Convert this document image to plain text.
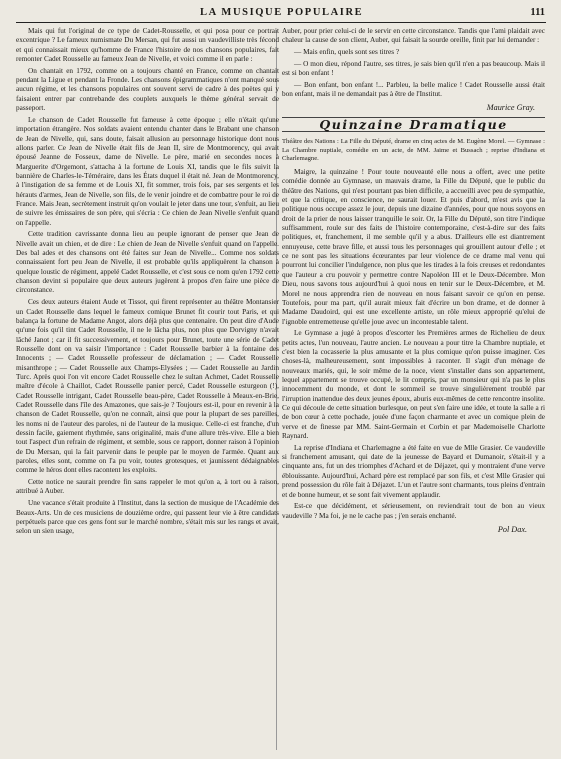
LA MUSIQUE POPULAIRE	111

Mais qui fut l'original de ce type de Cadet-Rousselle, et qui posa pour ce portrait excentrique ? Le fameux numismate Du Mersan, qui fut aussi un vaudevilliste très fécond et qui connaissait mieux qu'homme de France l'histoire de nos chansons populaires, fait remonter Cadet Rousselle au fameux Jean de Nivelle, et voici comme il en parle :

On chantait en 1792, comme on a toujours chanté en France, comme on chantait pendant la Ligue et pendant la Fronde. Les chansons épigrammatiques n'ont manqué sous aucun régime, et les chansons populaires ont souvent servi de cadre à des poètes qui y faisaient entrer par contrebande des couplets auxquels le thème général servait de passeport.

Le chanson de Cadet Rousselle fut fameuse à cette époque ; elle n'était qu'une importation étrangère. Nos soldats avaient entendu chanter dans le Brabant une chanson de Jean de Nivelle, qui, sans doute, faisait allusion au personnage historique dont nous allons parler. Ce Jean de Nivelle était fils de Jean II, sire de Montmorency, qui avait épousé Jeanne de Fosseux, dame de Nivelle. Le père, marié en secondes noces à Marguerite d'Orgemont, s'attacha à la fortune de Louis XI, tandis que le fils suivit la bannière de Charles-le-Téméraire, dans les États duquel il était né. Jean de Montmorency, à l'instigation de sa femme et de Louis XI, fit sommer, trois fois, par ses sergents et les hérauts d'armes, Jean de Nivelle, son fils, de le venir joindre et de combattre pour le roi de France. Mais Jean, secrètement instruit qu'on voulait le jeter dans une tour, s'enfuit, au lieu de suivre les émissaires de son père, qui s'écria : Ce chien de Jean Nivelle s'enfuit quand on l'appelle.

Cette tradition cavrissante donna lieu au peuple ignorant de penser que Jean de Nivelle avait un chien, et de dire : Le chien de Jean de Nivelle s'enfuit quand on l'appelle. Des bal ades et des chansons ont été faites sur Jean de Nivelle... Comme nos soldats connaissaient fort peu Jean de Nivelle, il est probable qu'ils appliquèrent la chanson à quelque loustic de régiment, appelé Cadet Rousselle, et c'est sous ce nom qu'en 1792 cette chanson devint si populaire que deux auteurs jugèrent à propos d'en faire une pièce de circonstance.

Ces deux auteurs étaient Aude et Tissot, qui firent représenter au théâtre Montansier un Cadet Rousselle dans lequel le fameux comique Brunet fit courir tout Paris, et qui balança la fortune de Madame Angot, alors déjà plus que centenaire. On peut dire d'Aude qu'une fois qu'il tint Cadet Rousselle, il ne le lâcha plus, non plus que Dorvigny n'avait lâché Janot ; car il fit successivement, et toujours pour Brunet, toute une série de Cadet Rousselle dont on va saisir l'importance : Cadet Rousselle barbier à la fontaine des Innocents ; — Cadet Rousselle professeur de déclamation ; — Cadet Rousselle misanthrope ; — Cadet Rousselle aux Champs-Elysées ; — Cadet Rousselle au Jardin Turc. Après quoi l'on vit encore Cadet Rousselle chez le sultan Achmet, Cadet Rousselle maître d'école à Chaillot, Cadet Rousselle panier percé, Cadet Rousselle esturgeon (!), Cadet Rousselle intrigant, Cadet Rousselle beau-père, Cadet Rousselle à Meaux-en-Brie, Cadet Rousselle dans l'île des Amazones, que sais-je ? Toujours est-il, pour en revenir à la chanson de Cadet Rousselle, qu'on ne connaît, ainsi que pour la plupart de ses pareilles, les noms ni de l'auteur des paroles, ni de l'auteur de la musique. Celle-ci est franche, d'un dessin facile, gaiement rhythmée, sans originalité, mais d'une allure très-vive. Elle a bien tout l'aspect d'un refrain de régiment, et semble, sous ce rapport, donner raison à l'opinion de Du Mersan, qui la fait parvenir dans le peuple par le moyen de l'armée. Quant aux paroles, elles sont, comme on l'a pu voir, toutes grotesques, et jaunissent dédaignables comme le héros dont elles racontent les exploits.

Cette notice ne saurait prendre fin sans rappeler le mot qu'on a, à tort ou à raison, attribué à Auber.

Une vacance s'était produite à l'Institut, dans la section de musique de l'Académie des Beaux-Arts. Un de ces musiciens de douzième ordre, qui passent leur vie à être candidats perpétuels parce que ces gens font sur le marché nombre, s'était mis sur les rangs et avait, selon un sien usage,

Auber, pour prier celui-ci de le servir en cette circonstance. Tandis que l'ami plaidait avec chaleur la cause de son client, Auber, qui faisait la sourde oreille, finit par lui demander :

— Mais enfin, quels sont ses titres ?

— O mon dieu, répond l'autre, ses titres, je sais bien qu'il n'en a pas beaucoup. Mais il est si bon enfant !

— Bon enfant, bon enfant !... Parbleu, la belle malice ! Cadet Rousselle aussi était bon enfant, mais il ne demandait pas à être de l'Institut.

Maurice Gray.
Quinzaine Dramatique
Théâtre des Nations : La Fille du Député, drame en cinq actes de M. Eugène Morel. — Gymnase : La Chambre nuptiale, comédie en un acte, de MM. Jaime et Bussach ; reprise d'Indiana et Charlemagne.

Maigre, la quinzaine ! Pour toute nouveauté elle nous a offert, avec une petite comédie donnée au Gymnase, un mauvais drame, la Fille du Député, que le public du théâtre des Nations, qui n'est pourtant pas bien difficile, a accueilli avec peu de sympathie, et que la critique, en conscience, ne saurait louer. Et puis d'abord, m'est avis que la politique nous occupe assez le jour, depuis une dizaine d'années, pour que nous soyons en droit de la prier de nous laisser tranquille le soir. Or, la Fille du Député, son titre l'indique suffisamment, roule sur des faits de l'histoire contemporaine, c'est-à-dire sur des faits politiques, et, franchement, il me semble qu'il y a abus. D'ailleurs elle est diantrement ennuyeuse, cette brave fille, et aussi tous les personnages qui grouillent autour d'elle ; et ce ne sont pas les situations écœurantes par leur violence de ce drame mal venu qui pourront lui concilier l'indulgence, non plus que les tirades à la fois creuses et redondantes que l'auteur a cru pouvoir y permettre contre Napoléon III et le Deux-Décembre. Mon Dieu, nous savons tous aujourd'hui à quoi nous en tenir sur le Deux-Décembre, et M. Morel ne nous apprendra rien de nouveau en nous faisant savoir ce qu'on en pense. Toutefois, pour ma part, qu'il aurait mieux fait d'écrire un bon drame, et de donner à Madame Daudoird, qui est une excellente artiste, un rôle mieux approprié qu'elui de l'ignoble entremetteuse qu'elle joue avec un incontestable talent.

Le Gymnase a jugé à propos d'escorter les Premières armes de Richelieu de deux petits actes, l'un nouveau, l'autre ancien. Le nouveau a pour titre la Chambre nuptiale, et c'est bien la cocasserie la plus amusante et la plus comique qu'on puisse imaginer. Ces choses-là, malheureusement, sont impossibles à raconter. Il s'agit d'un ménage de nouveaux mariés, qui, le soir même de la noce, vient s'installer dans son appartement, lequel appartement se trouve occupé, le lit compris, par un monsieur qui n'a pas le plus innocemment du monde, et dont le sommeil se trouve singulièrement troublé par l'irruption inattendue des deux jeunes époux, aburis eux-mêmes de cette rencontre insolite. Ce qui découle de cette situation burlesque, on peut s'en faire une idée, et toute la salle a ri de bon cœur à cette pochade, jouée d'une façon charmante et avec un comique plein de verve et de finesse par MM. Saint-Germain et Corbin et par Mademoiselle Charlotte Raynard.

La reprise d'Indiana et Charlemagne a été faite en vue de Mlle Grasier. Ce vaudeville si franchement amusant, qui date de la jeunesse de Bayard et Dumanoir, s'était-il y a cinquante ans, fut un des triomphes d'Achard et de Déjazet, qui y montraient d'une verve éblouissante. Aujourd'hui, Achard père est remplacé par son fils, et c'est Mlle Grasier qui prend possession du rôle fait à Déjazet. L'un et l'autre sont charmants, tous pleins d'entrain et de bonne humeur, et se sont fait vivement applaudir.

Est-ce que décidément, et sérieusement, on reviendrait tout de bon au vieux vaudeville ? Ma foi, je ne le cache pas ; j'en serais enchanté.

Pol Dax.
